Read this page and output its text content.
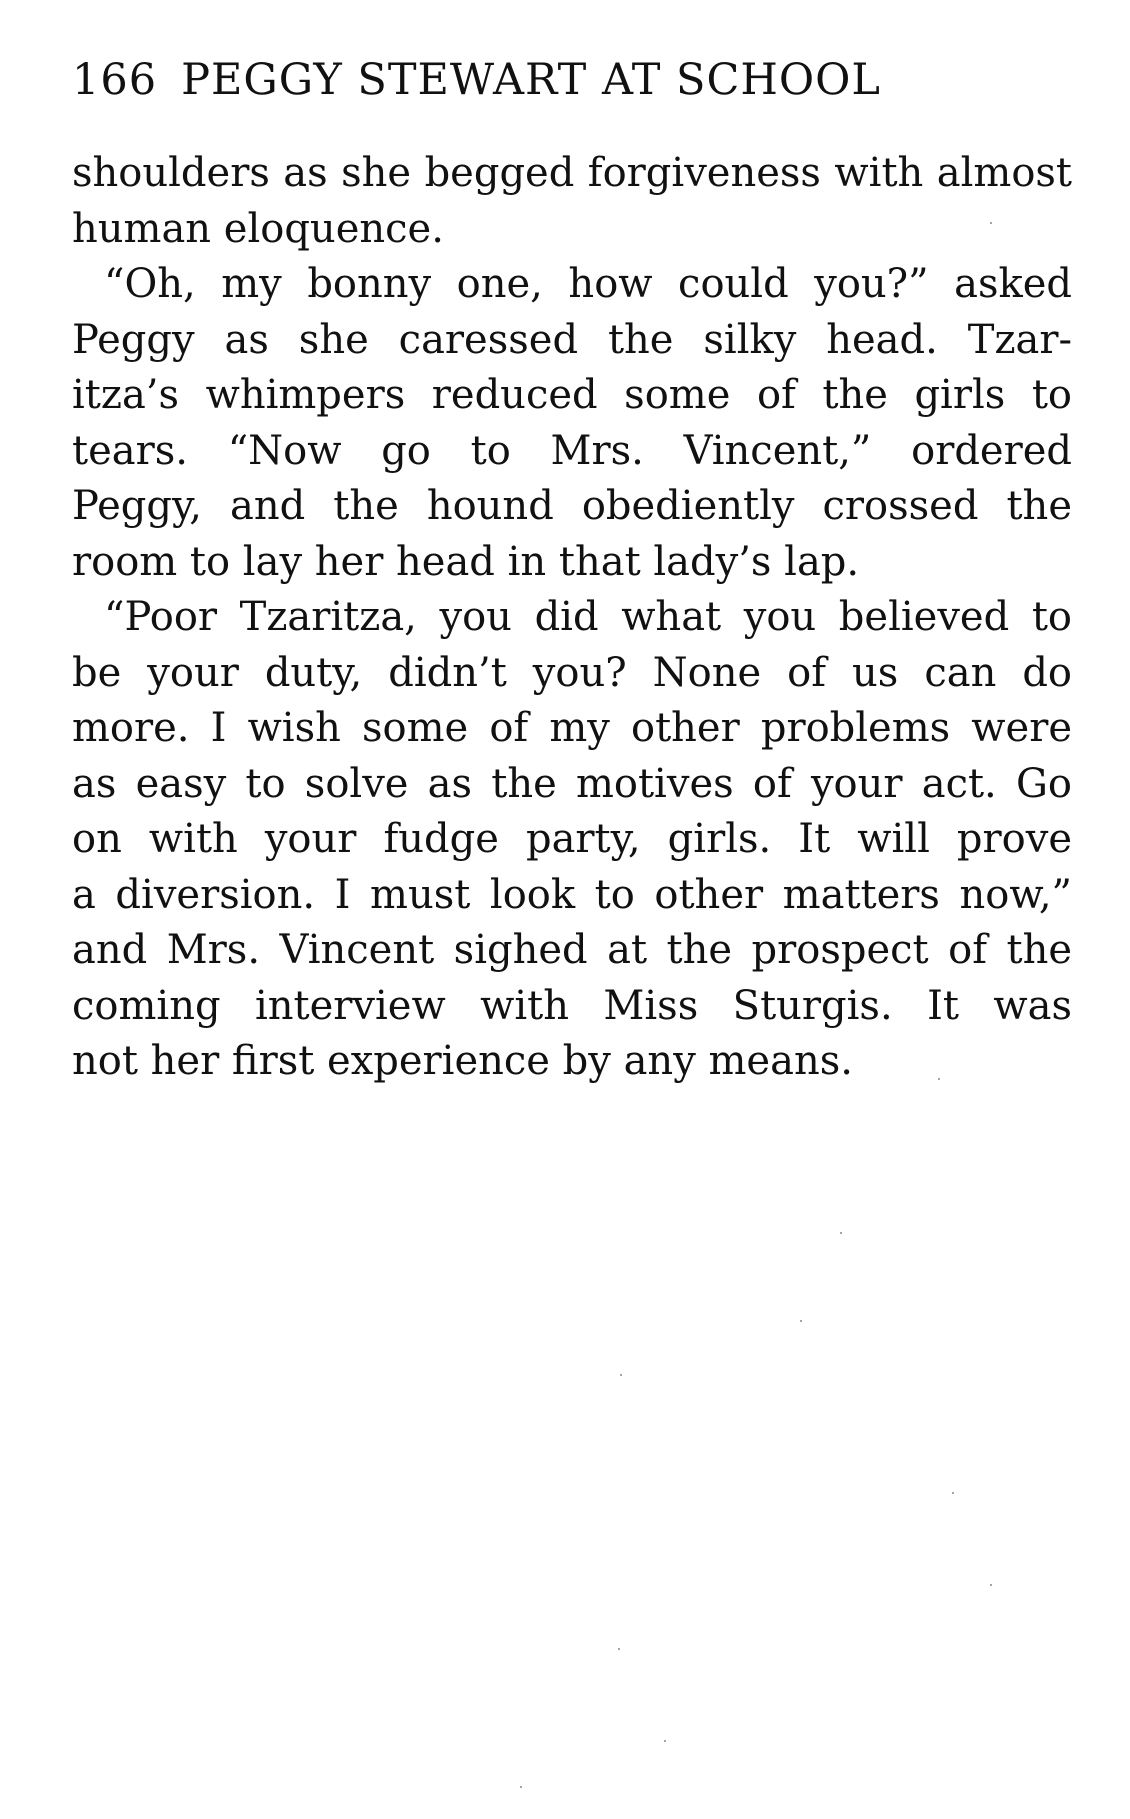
166 PEGGY STEWART AT SCHOOL
shoulders as she begged forgiveness with almost
human eloquence.
“Oh, my bonny one, how could you?” asked
Peggy as she caressed the silky head. Tzar-
itza’s whimpers reduced some of the girls to
tears. “Now go to Mrs. Vincent,” ordered
Peggy, and the hound obediently crossed the
room to lay her head in that lady’s lap.
“Poor Tzaritza, you did what you believed to
be your duty, didn’t you? None of us can do
more. I wish some of my other problems were
as easy to solve as the motives of your act. Go
on with your fudge party, girls. It will prove
a diversion. I must look to other matters now,”
and Mrs. Vincent sighed at the prospect of the
coming interview with Miss Sturgis. It was
not her first experience by any means.
